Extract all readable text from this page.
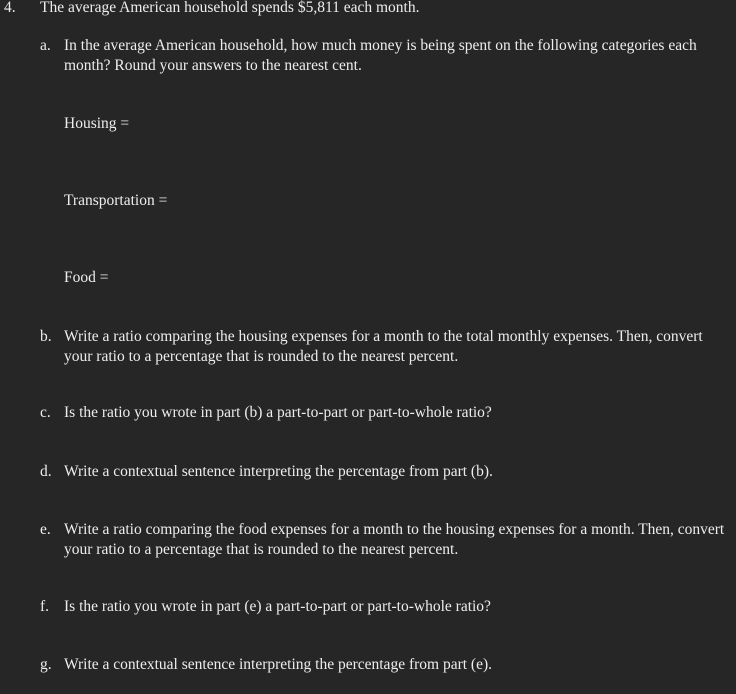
4. The average American household spends $5,811 each month.
a. In the average American household, how much money is being spent on the following categories each month? Round your answers to the nearest cent.
Housing =
Transportation =
Food =
b. Write a ratio comparing the housing expenses for a month to the total monthly expenses. Then, convert your ratio to a percentage that is rounded to the nearest percent.
c. Is the ratio you wrote in part (b) a part-to-part or part-to-whole ratio?
d. Write a contextual sentence interpreting the percentage from part (b).
e. Write a ratio comparing the food expenses for a month to the housing expenses for a month. Then, convert your ratio to a percentage that is rounded to the nearest percent.
f. Is the ratio you wrote in part (e) a part-to-part or part-to-whole ratio?
g. Write a contextual sentence interpreting the percentage from part (e).
